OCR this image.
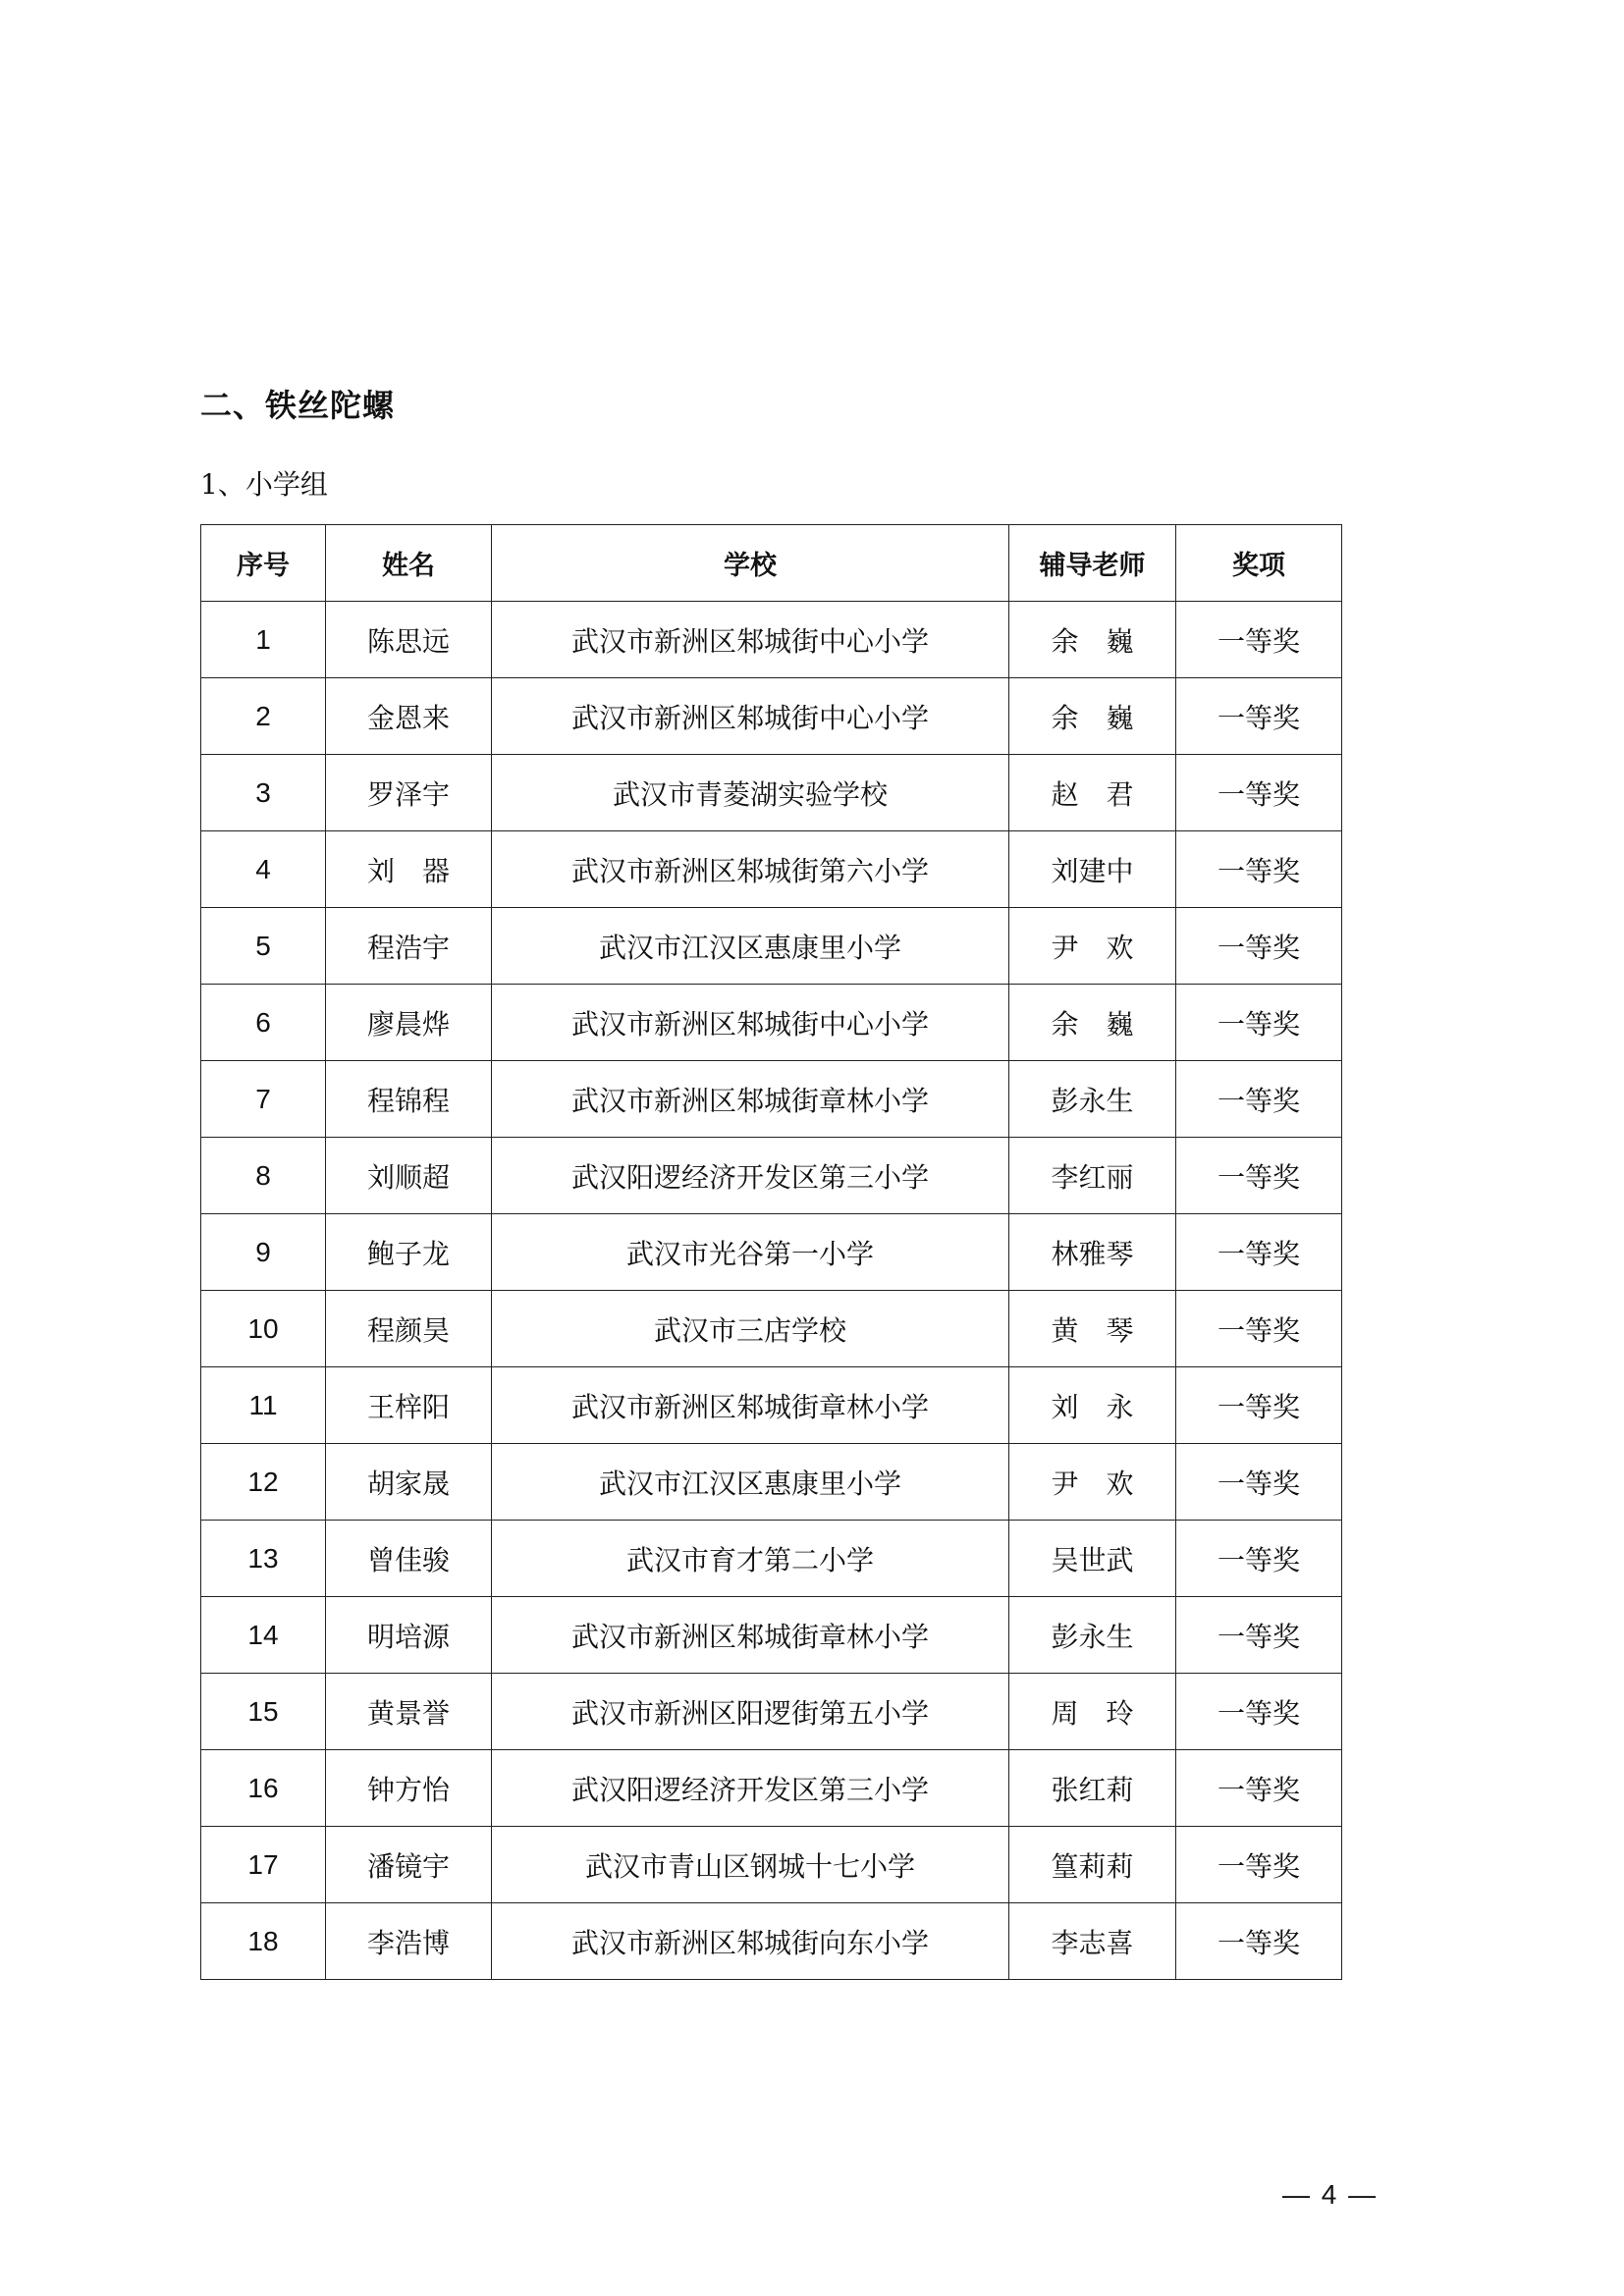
二、铁丝陀螺
1、小学组
序号	姓名	学校	辅导老师	奖项
1	陈思远	武汉市新洲区邾城街中心小学	余　巍	一等奖
2	金恩来	武汉市新洲区邾城街中心小学	余　巍	一等奖
3	罗泽宇	武汉市青菱湖实验学校	赵　君	一等奖
4	刘　器	武汉市新洲区邾城街第六小学	刘建中	一等奖
5	程浩宇	武汉市江汉区惠康里小学	尹　欢	一等奖
6	廖晨烨	武汉市新洲区邾城街中心小学	余　巍	一等奖
7	程锦程	武汉市新洲区邾城街章林小学	彭永生	一等奖
8	刘顺超	武汉阳逻经济开发区第三小学	李红丽	一等奖
9	鲍子龙	武汉市光谷第一小学	林雅琴	一等奖
10	程颜昊	武汉市三店学校	黄　琴	一等奖
11	王梓阳	武汉市新洲区邾城街章林小学	刘　永	一等奖
12	胡家晟	武汉市江汉区惠康里小学	尹　欢	一等奖
13	曾佳骏	武汉市育才第二小学	吴世武	一等奖
14	明培源	武汉市新洲区邾城街章林小学	彭永生	一等奖
15	黄景誉	武汉市新洲区阳逻街第五小学	周　玲	一等奖
16	钟方怡	武汉阳逻经济开发区第三小学	张红莉	一等奖
17	潘镜宇	武汉市青山区钢城十七小学	篁莉莉	一等奖
18	李浩博	武汉市新洲区邾城街向东小学	李志喜	一等奖
— 4 —
